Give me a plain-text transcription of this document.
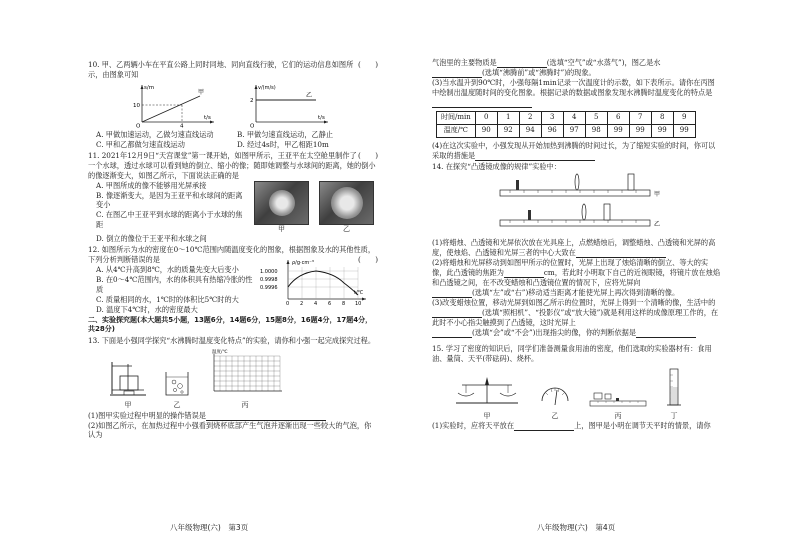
(　　)
10. 甲、乙两辆小车在平直公路上同时同地、同向直线行驶，它们的运动信息如图所示，由图象可知

s/m
10
t/s
4
O
甲
v/(m/s)
2
t/s
O
乙
A. 甲做加速运动，乙做匀速直线运动	B. 甲做匀速直线运动，乙静止
C. 甲和乙都做匀速直线运动	D. 经过4s时，甲乙相距10m

(　　)
11. 2021年12月9日“天宫课堂”第一课开始，如图甲所示，王亚平在太空舱里制作了一个水球，透过水球可以看到她的倒立、缩小的像；随即她调整与水球间的距离，她的倒小的像逐渐变大，如图乙所示，下面说法正确的是

A. 甲图所成的像不能够用光屏承接

B. 像逐渐变大，是因为王亚平和水球间的距离变小

C. 在图乙中王亚平到水球的距离小于水球的焦距	甲	乙

D. 倒立的像位于王亚平和水球之间

12. 如图所示为水的密度在0～10℃范围内随温度变化的图象，根据图象及水的其他性质，下列分析判断错误的是	(　　)

A. 从4℃升高到8℃，水的质量先变大后变小

B. 在0～4℃范围内，水的体积具有热缩冷胀的性质

C. 质量相同的水，1℃时的体积比5℃时的大

D. 温度下4℃时，水的密度最大

ρ/g·cm⁻³
1.0000
0.9998
0.9996
0 2 4 6 8 10
t/℃

二、实验探究题(本大题共5小题，13题6分，14题6分，15题8分，16题4分，17题4分，共28分)

13. 下面是小强同学探究“水沸腾时温度变化特点”的实验，请你和小强一起完成探究过程。

甲	乙

温度/℃

丙

(1)图甲实验过程中明显的操作错误是

(2)如图乙所示，在加热过程中小强看到烧杯底部产生气泡并逐渐出现一些较大的气泡，你认为

八年级物理(六)　第3页

气泡里的主要物质是	(选填“空气”或“水蒸气”)，图乙是水

(选填“沸腾前”或“沸腾时”)的现象。

(3)当水温升到90℃时，小强每隔1min记录一次温度计的示数，如下表所示。请你在丙图中绘制出温度随时间的变化图象。根据记录的数据或图象发现水沸腾时温度变化的特点是

时间/min	0	1	2	3	4	5	6	7	8	9
温度/℃	90	92	94	96	97	98	99	99	99	99

(4)在这次实验中，小强发现从开始加热到沸腾的时间过长，为了缩短实验的时间，你可以采取的措施是

14. 在探究“凸透镜成像的规律”实验中：

甲
乙

(1)将蜡烛、凸透镜和光屏依次放在光具座上，点燃蜡烛后，调整蜡烛、凸透镜和光屏的高度，使烛焰、凸透镜和光屏三者的中心大致在

(2)将蜡烛和光屏移动到如图甲所示的位置时，光屏上出现了烛焰清晰的倒立、等大的实像，此凸透镜的焦距为	cm，若此时小明取下自己的近视眼镜，将镜片放在烛焰和凸透镜之间，在不改变蜡烛和凸透镜位置的情况下，应将光屏向

(选填“左”或“右”)移动适当距离才能使光屏上再次得到清晰的像。

(3)改变蜡烛位置，移动光屏到如图乙所示的位置时，光屏上得到一个清晰的像，生活中的(选填“照相机”、“投影仪”或“放大镜”)就是利用这样的成像原理工作的，在此时不小心指尖触摸到了凸透镜，这时光屏上

(选填“会”或“不会”)出现指尖的像，你的判断依据是

15. 学习了密度的知识后，同学们准备测量食用油的密度，他们选取的实验器材有：食用油、量筒、天平(带砝码)、烧杯。

甲	乙	丙	丁

(1)实验时，应将天平放在	上，图甲是小明在调节天平时的情景，请你

八年级物理(六)　第4页
